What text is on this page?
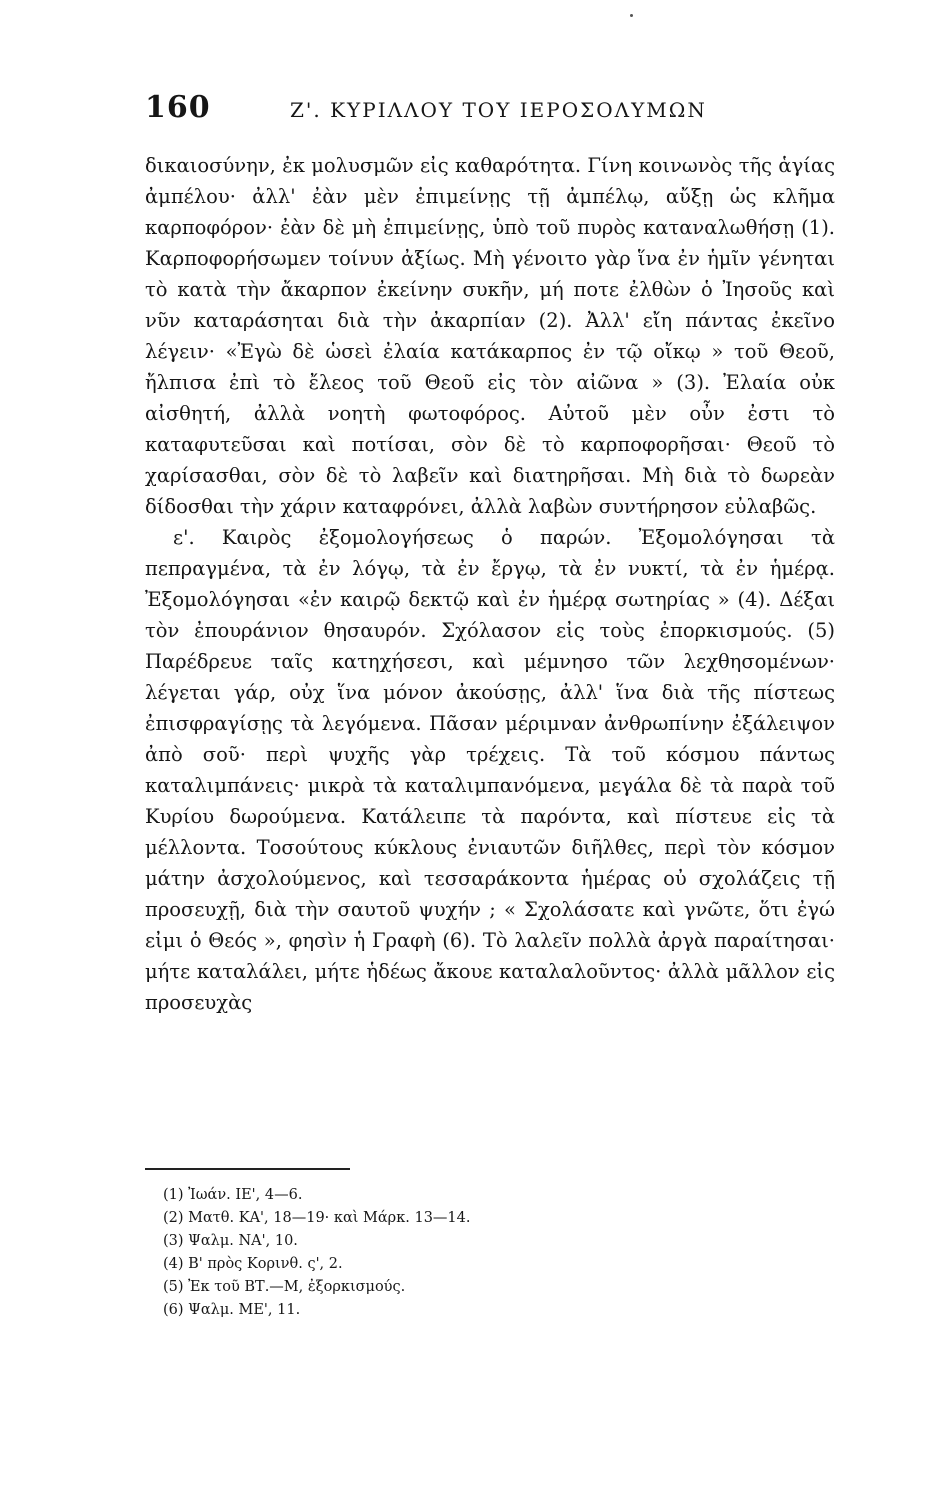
160	Ζ'. ΚΥΡΙΛΛΟΥ ΤΟΥ ΙΕΡΟΣΟΛΥΜΩΝ

δικαιοσύνην, ἐκ μολυσμῶν εἰς καθαρότητα. Γίνη κοινωνὸς τῆς ἁγίας ἀμπέλου· ἀλλ' ἐὰν μὲν ἐπιμείνῃς τῇ ἀμπέλῳ, αὔξῃ ὡς κλῆμα καρποφόρον· ἐὰν δὲ μὴ ἐπιμείνῃς, ὑπὸ τοῦ πυρὸς καταναλωθήσῃ (1). Καρποφορήσωμεν τοίνυν ἀξίως. Μὴ γένοιτο γὰρ ἵνα ἐν ἡμῖν γένηται τὸ κατὰ τὴν ἄκαρπον ἐκείνην συκῆν, μή ποτε ἐλθὼν ὁ Ἰησοῦς καὶ νῦν καταράσηται διὰ τὴν ἀκαρπίαν (2). Ἀλλ' εἴη πάντας ἐκεῖνο λέγειν· «Ἐγὼ δὲ ὡσεὶ ἐλαία κατάκαρπος ἐν τῷ οἴκῳ » τοῦ Θεοῦ, ἤλπισα ἐπὶ τὸ ἔλεος τοῦ Θεοῦ εἰς τὸν αἰῶνα » (3). Ἐλαία οὐκ αἰσθητή, ἀλλὰ νοητὴ φωτοφόρος. Αὐτοῦ μὲν οὖν ἐστι τὸ καταφυτεῦσαι καὶ ποτίσαι, σὸν δὲ τὸ καρποφορῆσαι· Θεοῦ τὸ χαρίσασθαι, σὸν δὲ τὸ λαβεῖν καὶ διατηρῆσαι. Μὴ διὰ τὸ δωρεὰν δίδοσθαι τὴν χάριν καταφρόνει, ἀλλὰ λαβὼν συντήρησον εὐλαβῶς.

ε'. Καιρὸς ἐξομολογήσεως ὁ παρών. Ἐξομολόγησαι τὰ πεπραγμένα, τὰ ἐν λόγῳ, τὰ ἐν ἔργῳ, τὰ ἐν νυκτί, τὰ ἐν ἡμέρᾳ. Ἐξομολόγησαι «ἐν καιρῷ δεκτῷ καὶ ἐν ἡμέρᾳ σωτηρίας » (4). Δέξαι τὸν ἐπουράνιον θησαυρόν. Σχόλασον εἰς τοὺς ἐπορκισμούς. (5) Παρέδρευε ταῖς κατηχήσεσι, καὶ μέμνησο τῶν λεχθησομένων· λέγεται γάρ, οὐχ ἵνα μόνον ἀκούσῃς, ἀλλ' ἵνα διὰ τῆς πίστεως ἐπισφραγίσῃς τὰ λεγόμενα. Πᾶσαν μέριμναν ἀνθρωπίνην ἐξάλειψον ἀπὸ σοῦ· περὶ ψυχῆς γὰρ τρέχεις. Τὰ τοῦ κόσμου πάντως καταλιμπάνεις· μικρὰ τὰ καταλιμπανόμενα, μεγάλα δὲ τὰ παρὰ τοῦ Κυρίου δωρούμενα. Κατάλειπε τὰ παρόντα, καὶ πίστευε εἰς τὰ μέλλοντα. Τοσούτους κύκλους ἐνιαυτῶν διῆλθες, περὶ τὸν κόσμον μάτην ἀσχολούμενος, καὶ τεσσαράκοντα ἡμέρας οὐ σχολάζεις τῇ προσευχῇ, διὰ τὴν σαυτοῦ ψυχήν ; « Σχολάσατε καὶ γνῶτε, ὅτι ἐγώ εἰμι ὁ Θεός », φησὶν ἡ Γραφὴ (6). Τὸ λαλεῖν πολλὰ ἀργὰ παραίτησαι· μήτε καταλάλει, μήτε ἡδέως ἄκουε καταλαλοῦντος· ἀλλὰ μᾶλλον εἰς προσευχὰς

(1) Ἰωάν. ΙΕ', 4—6.
(2) Ματθ. ΚΑ', 18—19· καὶ Μάρκ. 13—14.
(3) Ψαλμ. ΝΑ', 10.
(4) Β' πρὸς Κορινθ. ς', 2.
(5) Ἐκ τοῦ ΒΤ.—Μ, ἐξορκισμούς.
(6) Ψαλμ. ΜΕ', 11.
